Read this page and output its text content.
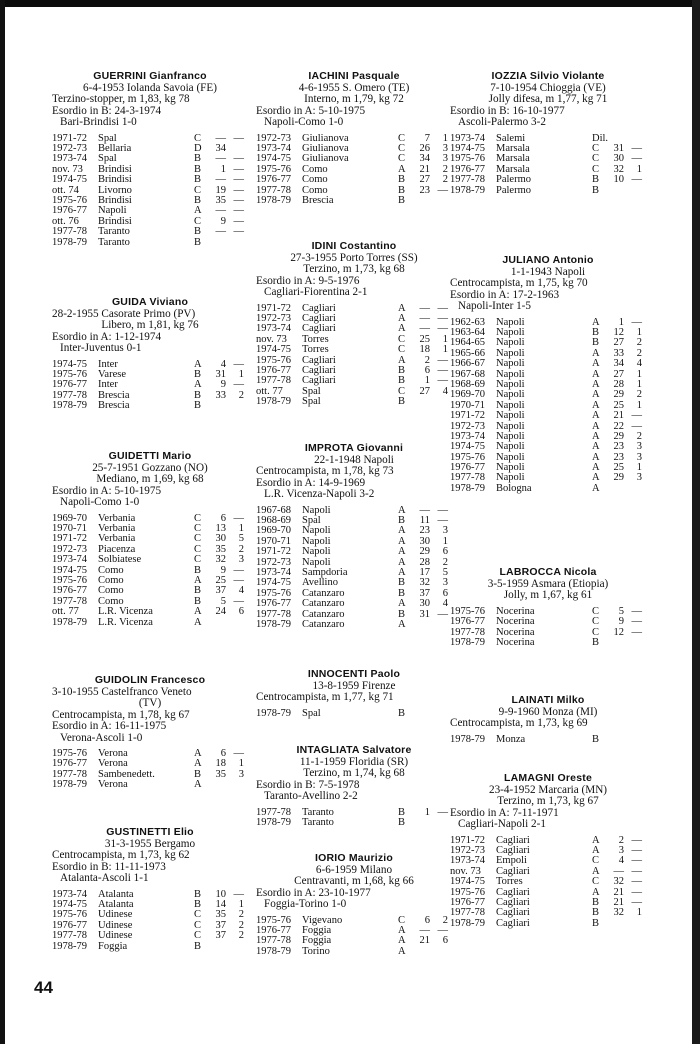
GUERRINI Gianfranco
6-4-1953 Iolanda Savoia (FE)
Terzino-stopper, m 1,83, kg 78
Esordio in B: 24-3-1974
Bari-Brindisi 1-0
1971-72 Spal	C	— —
1972-73 Bellaria	D	34
1973-74 Spal	B	— —
nov. 73 Brindisi	B	1 —
1974-75 Brindisi	B	— —
ott. 74 Livorno	C	19 —
1975-76 Brindisi	B	35 —
1976-77 Napoli	A	— —
ott. 76 Brindisi	C	9 —
1977-78 Taranto	B	— —
1978-79 Taranto	B
GUIDA Viviano
28-2-1955 Casorate Primo (PV)
Libero, m 1,81, kg 76
Esordio in A: 1-12-1974
Inter-Juventus 0-1
1974-75 Inter	A	4 —
1975-76 Varese	B	31	1
1976-77 Inter	A	9 —
1977-78 Brescia	B	33	2
1978-79 Brescia	B
GUIDETTI Mario
25-7-1951 Gozzano (NO)
Mediano, m 1,69, kg 68
Esordio in A: 5-10-1975
Napoli-Como 1-0
1969-70 Verbania	C	6 —
1970-71 Verbania	C	13	1
1971-72 Verbania	C	30	5
1972-73 Piacenza	C	35	2
1973-74 Solbiatese	C	32	3
1974-75 Como	B	9 —
1975-76 Como	A	25 —
1976-77 Como	B	37	4
1977-78 Como	B	5 —
ott. 77 L.R. Vicenza	A	24	6
1978-79 L.R. Vicenza	A
GUIDOLIN Francesco
3-10-1955 Castelfranco Veneto
(TV)
Centrocampista, m 1,78, kg 67
Esordio in A: 16-11-1975
Verona-Ascoli 1-0
1975-76 Verona	A	6 —
1976-77 Verona	A	18	1
1977-78 Sambenedett.	B	35	3
1978-79 Verona	A
GUSTINETTI Elio
31-3-1955 Bergamo
Centrocampista, m 1,73, kg 62
Esordio in B: 11-11-1973
Atalanta-Ascoli 1-1
1973-74 Atalanta	B	10 —
1974-75 Atalanta	B	14	1
1975-76 Udinese	C	35	2
1976-77 Udinese	C	37	2
1977-78 Udinese	C	37	2
1978-79 Foggia	B
IACHINI Pasquale
4-6-1955 S. Omero (TE)
Interno, m 1,79, kg 72
Esordio in A: 5-10-1975
Napoli-Como 1-0
1972-73 Giulianova	C	7	1
1973-74 Giulianova	C	26	3
1974-75 Giulianova	C	34	3
1975-76 Como	A	21	2
1976-77 Como	B	27	2
1977-78 Como	B	23 —
1978-79 Brescia	B
IDINI Costantino
27-3-1955 Porto Torres (SS)
Terzino, m 1,73, kg 68
Esordio in A: 9-5-1976
Cagliari-Fiorentina 2-1
1971-72 Cagliari	A	— —
1972-73 Cagliari	A	— —
1973-74 Cagliari	A	— —
nov. 73 Torres	C	25	1
1974-75 Torres	C	18	1
1975-76 Cagliari	A	2 —
1976-77 Cagliari	B	6 —
1977-78 Cagliari	B	1 —
ott. 77 Spal	C	27	4
1978-79 Spal	B
IMPROTA Giovanni
22-1-1948 Napoli
Centrocampista, m 1,78, kg 73
Esordio in A: 14-9-1969
L.R. Vicenza-Napoli 3-2
1967-68 Napoli	A	— —
1968-69 Spal	B	11 —
1969-70 Napoli	A	23	3
1970-71 Napoli	A	30	1
1971-72 Napoli	A	29	6
1972-73 Napoli	A	28	2
1973-74 Sampdoria	A	17	5
1974-75 Avellino	B	32	3
1975-76 Catanzaro	B	37	6
1976-77 Catanzaro	A	30	4
1977-78 Catanzaro	B	31 —
1978-79 Catanzaro	A
INNOCENTI Paolo
13-8-1959 Firenze
Centrocampista, m 1,77, kg 71
1978-79 Spal	B
INTAGLIATA Salvatore
11-1-1959 Floridia (SR)
Terzino, m 1,74, kg 68
Esordio in B: 7-5-1978
Taranto-Avellino 2-2
1977-78 Taranto	B	1 —
1978-79 Taranto	B
IORIO Maurizio
6-6-1959 Milano
Centravanti, m 1,68, kg 66
Esordio in A: 23-10-1977
Foggia-Torino 1-0
1975-76 Vigevano	C	6	2
1976-77 Foggia	A	— —
1977-78 Foggia	A	21	6
1978-79 Torino	A
IOZZIA Silvio Violante
7-10-1954 Chioggia (VE)
Jolly difesa, m 1,77, kg 71
Esordio in B: 16-10-1977
Ascoli-Palermo 3-2
1973-74 Salemi	Dil.
1974-75 Marsala	C	31 —
1975-76 Marsala	C	30 —
1976-77 Marsala	C	32	1
1977-78 Palermo	B	10 —
1978-79 Palermo	B
JULIANO Antonio
1-1-1943 Napoli
Centrocampista, m 1,75, kg 70
Esordio in A: 17-2-1963
Napoli-Inter 1-5
1962-63 Napoli	A	1 —
1963-64 Napoli	B	12	1
1964-65 Napoli	B	27	2
1965-66 Napoli	A	33	2
1966-67 Napoli	A	34	4
1967-68 Napoli	A	27	1
1968-69 Napoli	A	28	1
1969-70 Napoli	A	29	2
1970-71 Napoli	A	25	1
1971-72 Napoli	A	21 —
1972-73 Napoli	A	22 —
1973-74 Napoli	A	29	2
1974-75 Napoli	A	23	3
1975-76 Napoli	A	23	3
1976-77 Napoli	A	25	1
1977-78 Napoli	A	29	3
1978-79 Bologna	A
LABROCCA Nicola
3-5-1959 Asmara (Etiopia)
Jolly, m 1,67, kg 61
1975-76 Nocerina	C	5 —
1976-77 Nocerina	C	9 —
1977-78 Nocerina	C	12 —
1978-79 Nocerina	B
LAINATI Milko
9-9-1960 Monza (MI)
Centrocampista, m 1,73, kg 69
1978-79 Monza	B
LAMAGNI Oreste
23-4-1952 Marcaria (MN)
Terzino, m 1,73, kg 67
Esordio in A: 7-11-1971
Cagliari-Napoli 2-1
1971-72 Cagliari	A	2 —
1972-73 Cagliari	A	3 —
1973-74 Empoli	C	4 —
nov. 73 Cagliari	A	— —
1974-75 Torres	C	32 —
1975-76 Cagliari	A	21 —
1976-77 Cagliari	B	21 —
1977-78 Cagliari	B	32	1
1978-79 Cagliari	B
44
